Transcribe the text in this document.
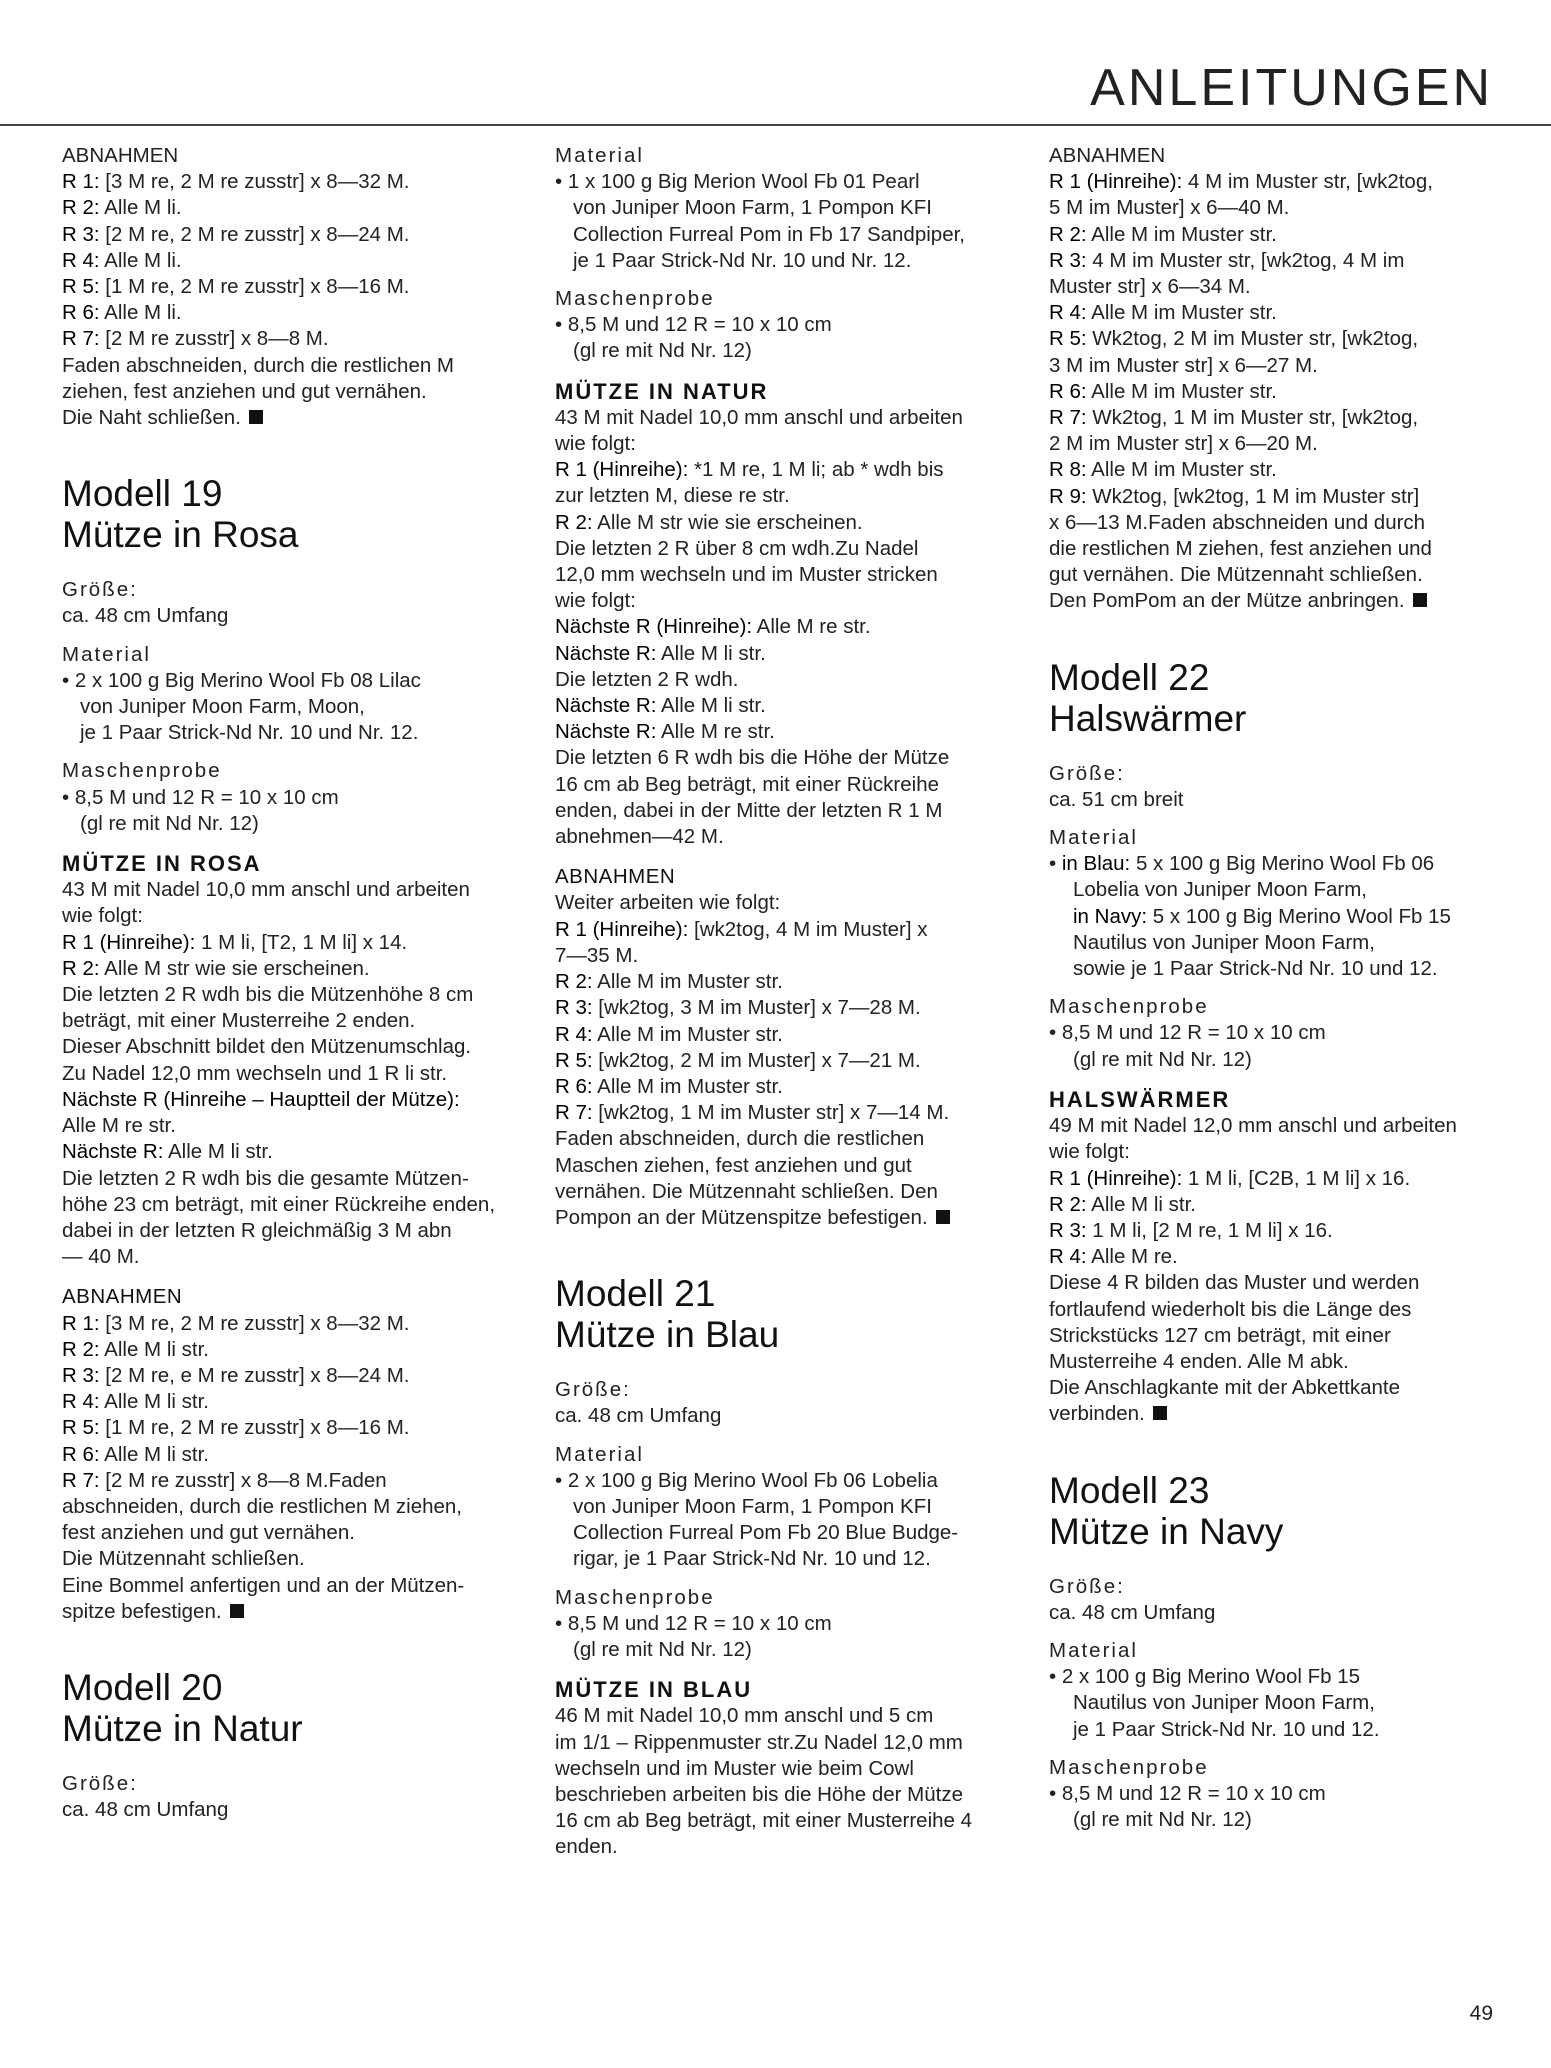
ANLEITUNGEN
ABNAHMEN
R 1: [3 M re, 2 M re zusstr] x 8—32 M.
R 2: Alle M li.
R 3: [2 M re, 2 M re zusstr] x 8—24 M.
R 4: Alle M li.
R 5: [1 M re, 2 M re zusstr] x 8—16 M.
R 6: Alle M li.
R 7: [2 M re zusstr] x 8—8 M.
Faden abschneiden, durch die restlichen M
ziehen, fest anziehen und gut vernähen.
Die Naht schließen.
Modell 19
Mütze in Rosa
Größe:
ca. 48 cm Umfang
Material
• 2 x 100 g Big Merino Wool Fb 08 Lilac
von Juniper Moon Farm, Moon,
je 1 Paar Strick-Nd Nr. 10 und Nr. 12.
Maschenprobe
• 8,5 M und 12 R = 10 x 10 cm
(gl re mit Nd Nr. 12)
MÜTZE IN ROSA
43 M mit Nadel 10,0 mm anschl und arbeiten
wie folgt:
R 1 (Hinreihe): 1 M li, [T2, 1 M li] x 14.
R 2: Alle M str wie sie erscheinen.
Die letzten 2 R wdh bis die Mützenhöhe 8 cm
beträgt, mit einer Musterreihe 2 enden.
Dieser Abschnitt bildet den Mützenumschlag.
Zu Nadel 12,0 mm wechseln und 1 R li str.
Nächste R (Hinreihe – Hauptteil der Mütze):
Alle M re str.
Nächste R: Alle M li str.
Die letzten 2 R wdh bis die gesamte Mützen-
höhe 23 cm beträgt, mit einer Rückreihe enden,
dabei in der letzten R gleichmäßig 3 M abn
— 40 M.
ABNAHMEN
R 1: [3 M re, 2 M re zusstr] x 8—32 M.
R 2: Alle M li str.
R 3: [2 M re, e M re zusstr] x 8—24 M.
R 4: Alle M li str.
R 5: [1 M re, 2 M re zusstr] x 8—16 M.
R 6: Alle M li str.
R 7: [2 M re zusstr] x 8—8 M.Faden
abschneiden, durch die restlichen M ziehen,
fest anziehen und gut vernähen.
Die Mützennaht schließen.
Eine Bommel anfertigen und an der Mützen-
spitze befestigen.
Modell 20
Mütze in Natur
Größe:
ca. 48 cm Umfang
Material
• 1 x 100 g Big Merion Wool Fb 01 Pearl
von Juniper Moon Farm, 1 Pompon KFI
Collection Furreal Pom in Fb 17 Sandpiper,
je 1 Paar Strick-Nd Nr. 10 und Nr. 12.
Maschenprobe
• 8,5 M und 12 R = 10 x 10 cm
(gl re mit Nd Nr. 12)
MÜTZE IN NATUR
43 M mit Nadel 10,0 mm anschl und arbeiten
wie folgt:
R 1 (Hinreihe): *1 M re, 1 M li; ab * wdh bis
zur letzten M, diese re str.
R 2: Alle M str wie sie erscheinen.
Die letzten 2 R über 8 cm wdh.Zu Nadel
12,0 mm wechseln und im Muster stricken
wie folgt:
Nächste R (Hinreihe): Alle M re str.
Nächste R: Alle M li str.
Die letzten 2 R wdh.
Nächste R: Alle M li str.
Nächste R: Alle M re str.
Die letzten 6 R wdh bis die Höhe der Mütze
16 cm ab Beg beträgt, mit einer Rückreihe
enden, dabei in der Mitte der letzten R 1 M
abnehmen—42 M.
ABNAHMEN
Weiter arbeiten wie folgt:
R 1 (Hinreihe): [wk2tog, 4 M im Muster] x
7—35 M.
R 2: Alle M im Muster str.
R 3: [wk2tog, 3 M im Muster] x 7—28 M.
R 4: Alle M im Muster str.
R 5: [wk2tog, 2 M im Muster] x 7—21 M.
R 6: Alle M im Muster str.
R 7: [wk2tog, 1 M im Muster str] x 7—14 M.
Faden abschneiden, durch die restlichen
Maschen ziehen, fest anziehen und gut
vernähen. Die Mützennaht schließen. Den
Pompon an der Mützenspitze befestigen.
Modell 21
Mütze in Blau
Größe:
ca. 48 cm Umfang
Material
• 2 x 100 g Big Merino Wool Fb 06 Lobelia
von Juniper Moon Farm, 1 Pompon KFI
Collection Furreal Pom Fb 20 Blue Budge-
rigar, je 1 Paar Strick-Nd Nr. 10 und 12.
Maschenprobe
• 8,5 M und 12 R = 10 x 10 cm
(gl re mit Nd Nr. 12)
MÜTZE IN BLAU
46 M mit Nadel 10,0 mm anschl und 5 cm
im 1/1 – Rippenmuster str.Zu Nadel 12,0 mm
wechseln und im Muster wie beim Cowl
beschrieben arbeiten bis die Höhe der Mütze
16 cm ab Beg beträgt, mit einer Musterreihe 4
enden.
ABNAHMEN
R 1 (Hinreihe): 4 M im Muster str, [wk2tog,
5 M im Muster] x 6—40 M.
R 2: Alle M im Muster str.
R 3: 4 M im Muster str, [wk2tog, 4 M im
Muster str] x 6—34 M.
R 4: Alle M im Muster str.
R 5: Wk2tog, 2 M im Muster str, [wk2tog,
3 M im Muster str] x 6—27 M.
R 6: Alle M im Muster str.
R 7: Wk2tog, 1 M im Muster str, [wk2tog,
2 M im Muster str] x 6—20 M.
R 8: Alle M im Muster str.
R 9: Wk2tog, [wk2tog, 1 M im Muster str]
x 6—13 M.Faden abschneiden und durch
die restlichen M ziehen, fest anziehen und
gut vernähen. Die Mützennaht schließen.
Den PomPom an der Mütze anbringen.
Modell 22
Halswärmer
Größe:
ca. 51 cm breit
Material
• in Blau: 5 x 100 g Big Merino Wool Fb 06
Lobelia von Juniper Moon Farm,
in Navy: 5 x 100 g Big Merino Wool Fb 15
Nautilus von Juniper Moon Farm,
sowie je 1 Paar Strick-Nd Nr. 10 und 12.
Maschenprobe
• 8,5 M und 12 R = 10 x 10 cm
(gl re mit Nd Nr. 12)
HALSWÄRMER
49 M mit Nadel 12,0 mm anschl und arbeiten
wie folgt:
R 1 (Hinreihe): 1 M li, [C2B, 1 M li] x 16.
R 2: Alle M li str.
R 3: 1 M li, [2 M re, 1 M li] x 16.
R 4: Alle M re.
Diese 4 R bilden das Muster und werden
fortlaufend wiederholt bis die Länge des
Strickstücks 127 cm beträgt, mit einer
Musterreihe 4 enden. Alle M abk.
Die Anschlagkante mit der Abkettkante
verbinden.
Modell 23
Mütze in Navy
Größe:
ca. 48 cm Umfang
Material
• 2 x 100 g Big Merino Wool Fb 15
Nautilus von Juniper Moon Farm,
je 1 Paar Strick-Nd Nr. 10 und 12.
Maschenprobe
• 8,5 M und 12 R = 10 x 10 cm
(gl re mit Nd Nr. 12)
49
